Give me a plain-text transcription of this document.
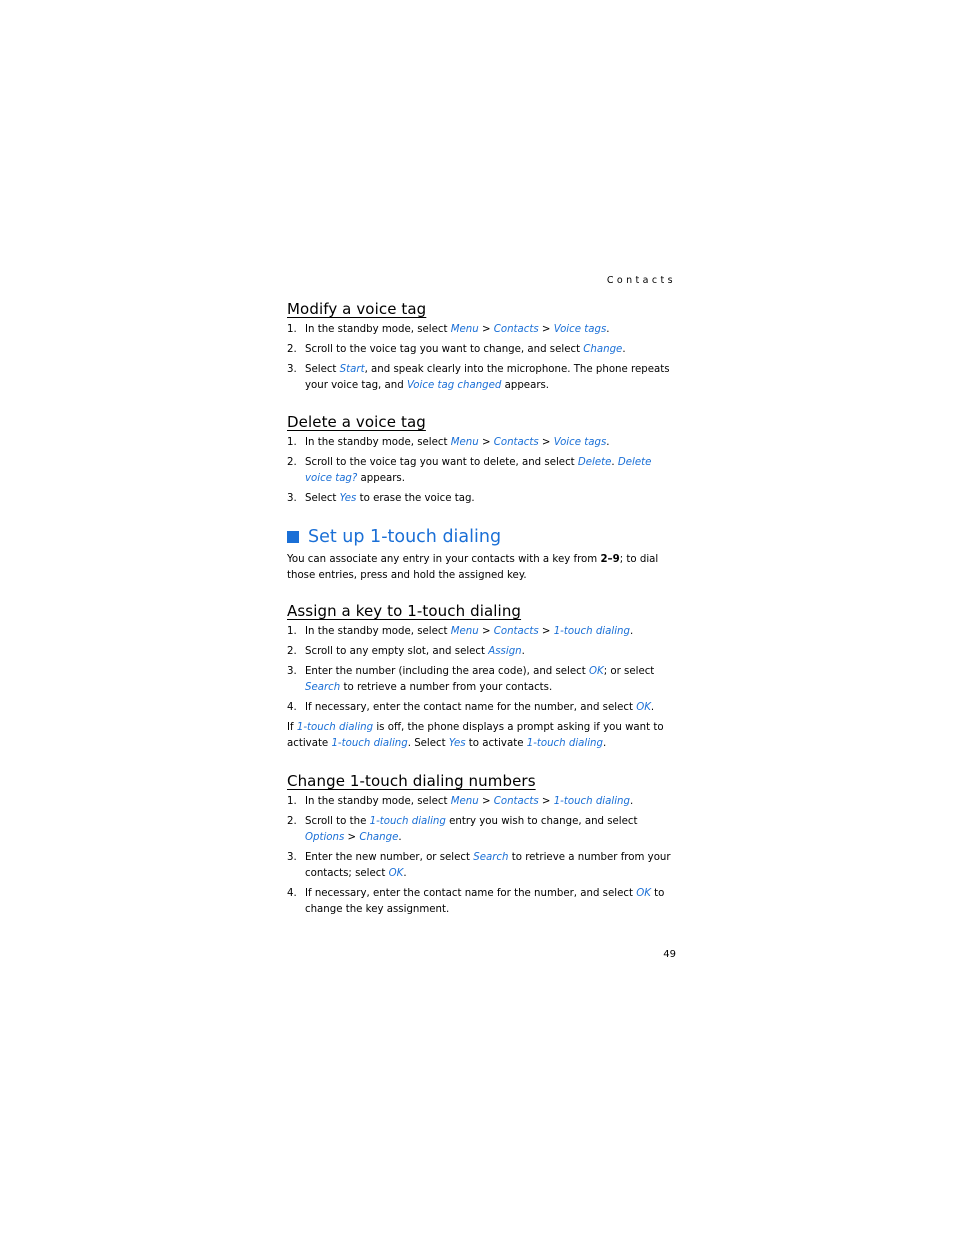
Contacts
Modify a voice tag
1. In the standby mode, select Menu > Contacts > Voice tags.
2. Scroll to the voice tag you want to change, and select Change.
3. Select Start, and speak clearly into the microphone. The phone repeats your voice tag, and Voice tag changed appears.
Delete a voice tag
1. In the standby mode, select Menu > Contacts > Voice tags.
2. Scroll to the voice tag you want to delete, and select Delete. Delete voice tag? appears.
3. Select Yes to erase the voice tag.
Set up 1-touch dialing

You can associate any entry in your contacts with a key from 2–9; to dial those entries, press and hold the assigned key.

Assign a key to 1-touch dialing
1. In the standby mode, select Menu > Contacts > 1-touch dialing.
2. Scroll to any empty slot, and select Assign.
3. Enter the number (including the area code), and select OK; or select Search to retrieve a number from your contacts.
4. If necessary, enter the contact name for the number, and select OK.

If 1-touch dialing is off, the phone displays a prompt asking if you want to activate 1-touch dialing. Select Yes to activate 1-touch dialing.

Change 1-touch dialing numbers
1. In the standby mode, select Menu > Contacts > 1-touch dialing.
2. Scroll to the 1-touch dialing entry you wish to change, and select Options > Change.
3. Enter the new number, or select Search to retrieve a number from your contacts; select OK.
4. If necessary, enter the contact name for the number, and select OK to change the key assignment.
49
